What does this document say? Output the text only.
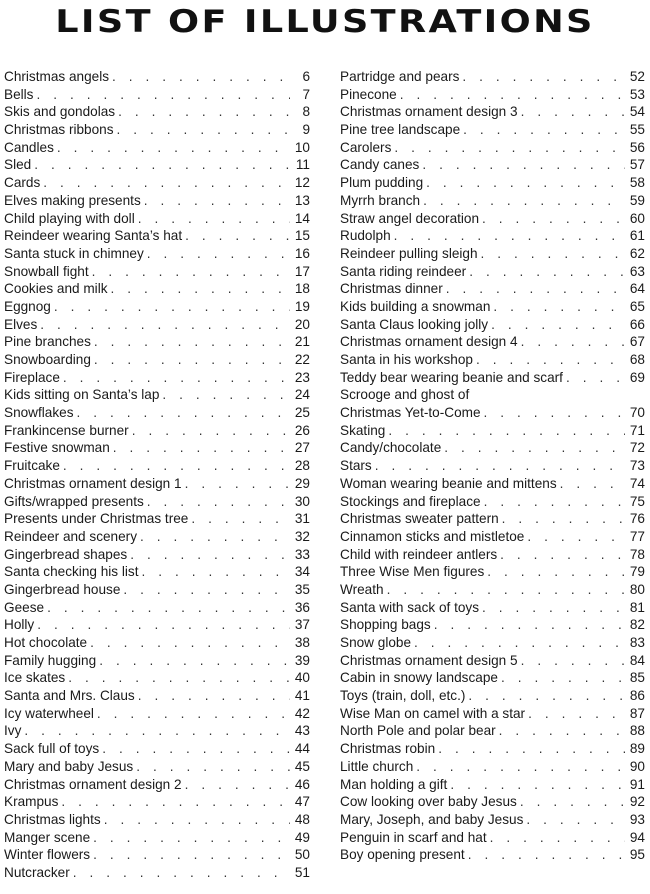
LIST OF ILLUSTRATIONS
Christmas angels . . .	6
Bells . . .	7
Skis and gondolas . . .	8
Christmas ribbons . . .	9
Candles . . .	10
Sled . . .	11
Cards . . .	12
Elves making presents . . .	13
Child playing with doll . . .	14
Reindeer wearing Santa’s hat . . .	15
Santa stuck in chimney . . .	16
Snowball fight . . .	17
Cookies and milk . . .	18
Eggnog . . .	19
Elves . . .	20
Pine branches . . .	21
Snowboarding . . .	22
Fireplace . . .	23
Kids sitting on Santa’s lap . . .	24
Snowflakes . . .	25
Frankincense burner . . .	26
Festive snowman . . .	27
Fruitcake . . .	28
Christmas ornament design 1 . . .	29
Gifts/wrapped presents . . .	30
Presents under Christmas tree . . .	31
Reindeer and scenery . . .	32
Gingerbread shapes . . .	33
Santa checking his list . . .	34
Gingerbread house . . .	35
Geese . . .	36
Holly . . .	37
Hot chocolate . . .	38
Family hugging . . .	39
Ice skates . . .	40
Santa and Mrs. Claus . . .	41
Icy waterwheel . . .	42
Ivy . . .	43
Sack full of toys . . .	44
Mary and baby Jesus . . .	45
Christmas ornament design 2 . . .	46
Krampus . . .	47
Christmas lights . . .	48
Manger scene . . .	49
Winter flowers . . .	50
Nutcracker . . .	51
Partridge and pears . . .	52
Pinecone . . .	53
Christmas ornament design 3 . . .	54
Pine tree landscape . . .	55
Carolers . . .	56
Candy canes . . .	57
Plum pudding . . .	58
Myrrh branch . . .	59
Straw angel decoration . . .	60
Rudolph . . .	61
Reindeer pulling sleigh . . .	62
Santa riding reindeer . . .	63
Christmas dinner . . .	64
Kids building a snowman . . .	65
Santa Claus looking jolly . . .	66
Christmas ornament design 4 . . .	67
Santa in his workshop . . .	68
Teddy bear wearing beanie and scarf . . .	69
Scrooge and ghost of
Christmas Yet-to-Come . . .	70
Skating . . .	71
Candy/chocolate . . .	72
Stars . . .	73
Woman wearing beanie and mittens . . .	74
Stockings and fireplace . . .	75
Christmas sweater pattern . . .	76
Cinnamon sticks and mistletoe . . .	77
Child with reindeer antlers . . .	78
Three Wise Men figures . . .	79
Wreath . . .	80
Santa with sack of toys . . .	81
Shopping bags . . .	82
Snow globe . . .	83
Christmas ornament design 5 . . .	84
Cabin in snowy landscape . . .	85
Toys (train, doll, etc.) . . .	86
Wise Man on camel with a star . . .	87
North Pole and polar bear . . .	88
Christmas robin . . .	89
Little church . . .	90
Man holding a gift . . .	91
Cow looking over baby Jesus . . .	92
Mary, Joseph, and baby Jesus . . .	93
Penguin in scarf and hat . . .	94
Boy opening present . . .	95
